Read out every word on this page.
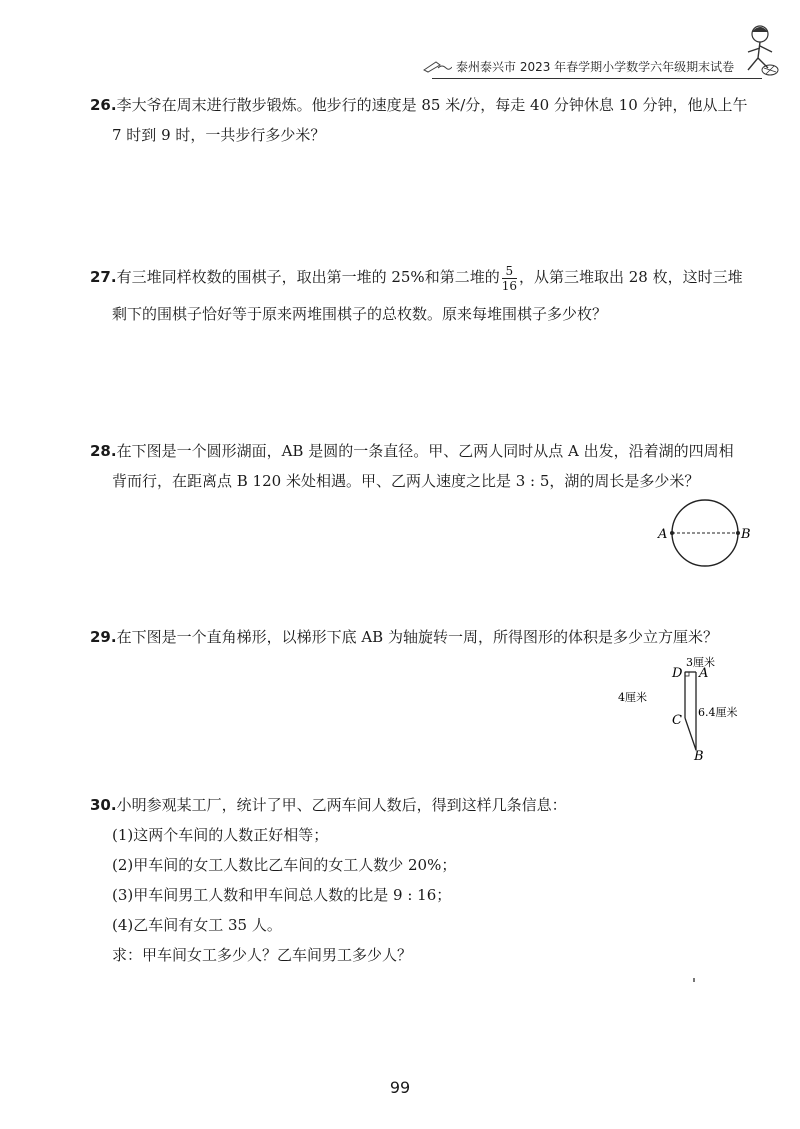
泰州泰兴市 2023 年春学期小学数学六年级期末试卷

26.李大爷在周末进行散步锻炼。他步行的速度是 85 米/分，每走 40 分钟休息 10 分钟，他从上午

7 时到 9 时，一共步行多少米？

27.有三堆同样枚数的围棋子，取出第一堆的 25%和第二堆的 $\frac{5}{16}$ ，从第三堆取出 28 枚，这时三堆

剩下的围棋子恰好等于原来两堆围棋子的总枚数。原来每堆围棋子多少枚？

28.在下图是一个圆形湖面，AB 是圆的一条直径。甲、乙两人同时从点 A 出发，沿着湖的四周相

背而行，在距离点 B 120 米处相遇。甲、乙两人速度之比是 3 : 5，湖的周长是多少米？

A	B

29.在下图是一个直角梯形，以梯形下底 AB 为轴旋转一周，所得图形的体积是多少立方厘米？

D A
C
B
3厘米
4厘米
6.4厘米

30.小明参观某工厂，统计了甲、乙两车间人数后，得到这样几条信息：

(1)这两个车间的人数正好相等；

(2)甲车间的女工人数比乙车间的女工人数少 20%；

(3)甲车间男工人数和甲车间总人数的比是 9 : 16；

(4)乙车间有女工 35 人。

求：甲车间女工多少人？乙车间男工多少人？

99
